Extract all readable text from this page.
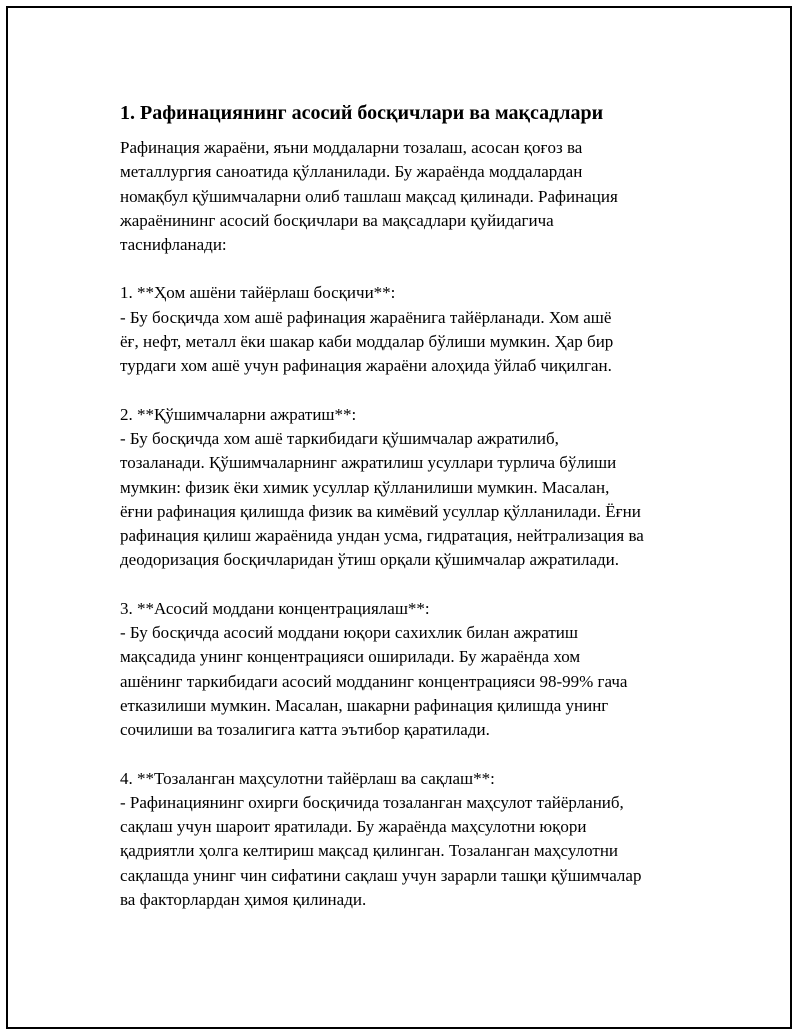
1. Рафинациянинг асосий босқичлари ва мақсадлари

Рафинация жараёни, яъни моддаларни тозалаш, асосан қоғоз ва
металлургия саноатида қўлланилади. Бу жараёнда моддалардан
номақбул қўшимчаларни олиб ташлаш мақсад қилинади. Рафинация
жараёнининг асосий босқичлари ва мақсадлари қуйидагича
таснифланади:

1. **Ҳом ашёни тайёрлаш босқичи**:

- Бу босқичда хом ашё рафинация жараёнига тайёрланади. Хом ашё
ёғ, нефт, металл ёки шакар каби моддалар бўлиши мумкин. Ҳар бир
турдаги хом ашё учун рафинация жараёни алоҳида ўйлаб чиқилган.

2. **Қўшимчаларни ажратиш**:

- Бу босқичда хом ашё таркибидаги қўшимчалар ажратилиб,
тозаланади. Қўшимчаларнинг ажратилиш усуллари турлича бўлиши
мумкин: физик ёки химик усуллар қўлланилиши мумкин. Масалан,
ёғни рафинация қилишда физик ва кимёвий усуллар қўлланилади. Ёғни
рафинация қилиш жараёнида ундан усма, гидратация, нейтрализация ва
деодоризация босқичларидан ўтиш орқали қўшимчалар ажратилади.

3. **Асосий моддани концентрациялаш**:

- Бу босқичда асосий моддани юқори сахихлик билан ажратиш
мақсадида унинг концентрацияси оширилади. Бу жараёнда хом
ашёнинг таркибидаги асосий модданинг концентрацияси 98-99% гача
етказилиши мумкин. Масалан, шакарни рафинация қилишда унинг
сочилиши ва тозалигига катта эътибор қаратилади.

4. **Тозаланган маҳсулотни тайёрлаш ва сақлаш**:

- Рафинациянинг охирги босқичида тозаланган маҳсулот тайёрланиб,
сақлаш учун шароит яратилади. Бу жараёнда маҳсулотни юқори
қадриятли ҳолга келтириш мақсад қилинган. Тозаланган маҳсулотни
сақлашда унинг чин сифатини сақлаш учун зарарли ташқи қўшимчалар
ва факторлардан ҳимоя қилинади.
